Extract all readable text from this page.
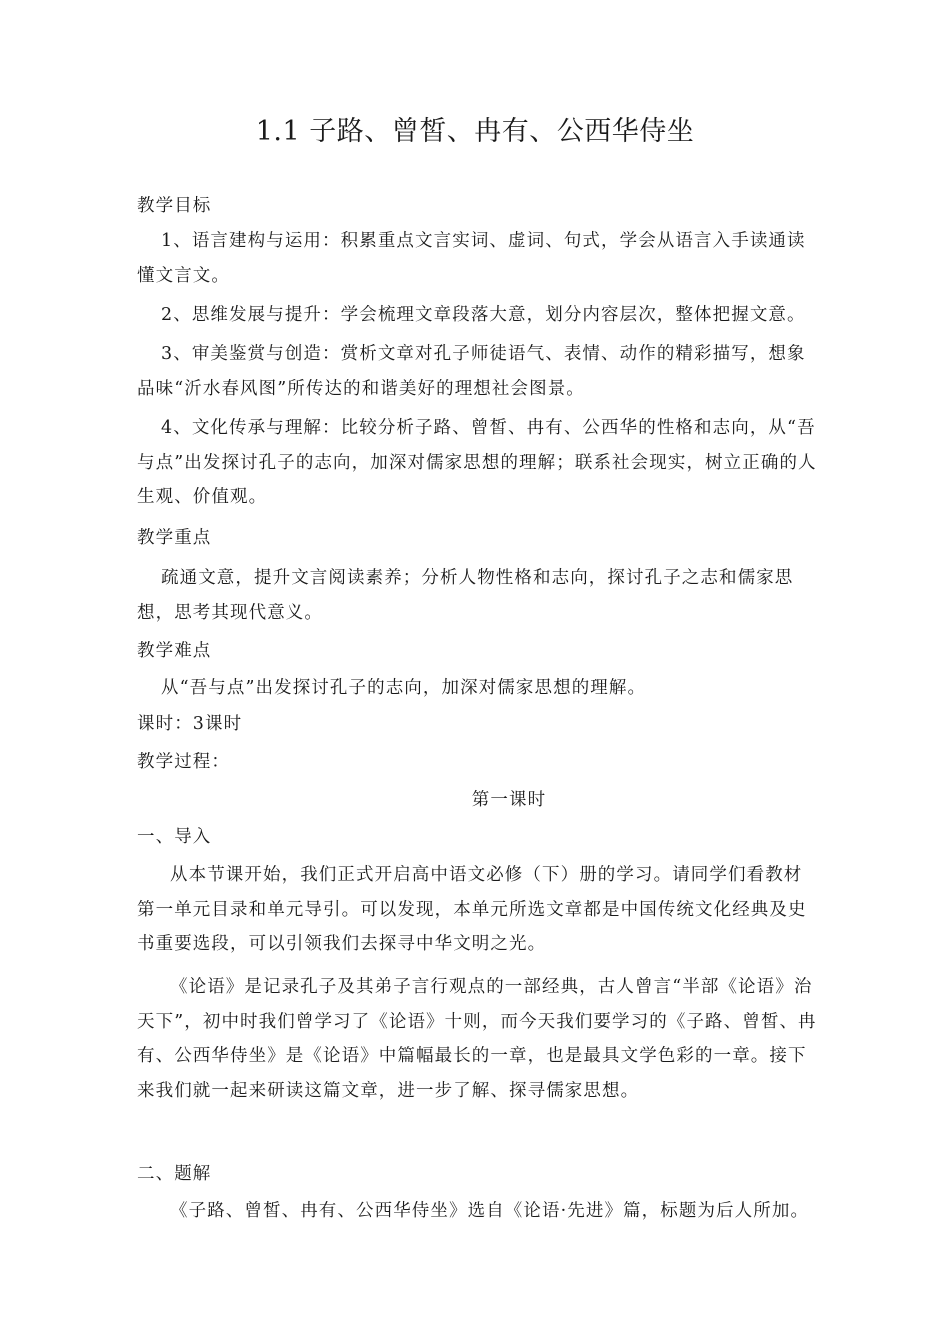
1.1 子路、曾皙、冉有、公西华侍坐

教学目标

1、语言建构与运用：积累重点文言实词、虚词、句式，学会从语言入手读通读懂文言文。

2、思维发展与提升：学会梳理文章段落大意，划分内容层次，整体把握文意。

3、审美鉴赏与创造：赏析文章对孔子师徒语气、表情、动作的精彩描写，想象品味“沂水春风图”所传达的和谐美好的理想社会图景。

4、文化传承与理解：比较分析子路、曾皙、冉有、公西华的性格和志向，从“吾与点”出发探讨孔子的志向，加深对儒家思想的理解；联系社会现实，树立正确的人生观、价值观。

教学重点

疏通文意，提升文言阅读素养；分析人物性格和志向，探讨孔子之志和儒家思想，思考其现代意义。

教学难点

从“吾与点”出发探讨孔子的志向，加深对儒家思想的理解。

课时：3课时

教学过程：

第一课时

一、导入

从本节课开始，我们正式开启高中语文必修（下）册的学习。请同学们看教材第一单元目录和单元导引。可以发现，本单元所选文章都是中国传统文化经典及史书重要选段，可以引领我们去探寻中华文明之光。

《论语》是记录孔子及其弟子言行观点的一部经典，古人曾言“半部《论语》治天下”，初中时我们曾学习了《论语》十则，而今天我们要学习的《子路、曾皙、冉有、公西华侍坐》是《论语》中篇幅最长的一章，也是最具文学色彩的一章。接下来我们就一起来研读这篇文章，进一步了解、探寻儒家思想。

二、题解

《子路、曾皙、冉有、公西华侍坐》选自《论语·先进》篇，标题为后人所加。
